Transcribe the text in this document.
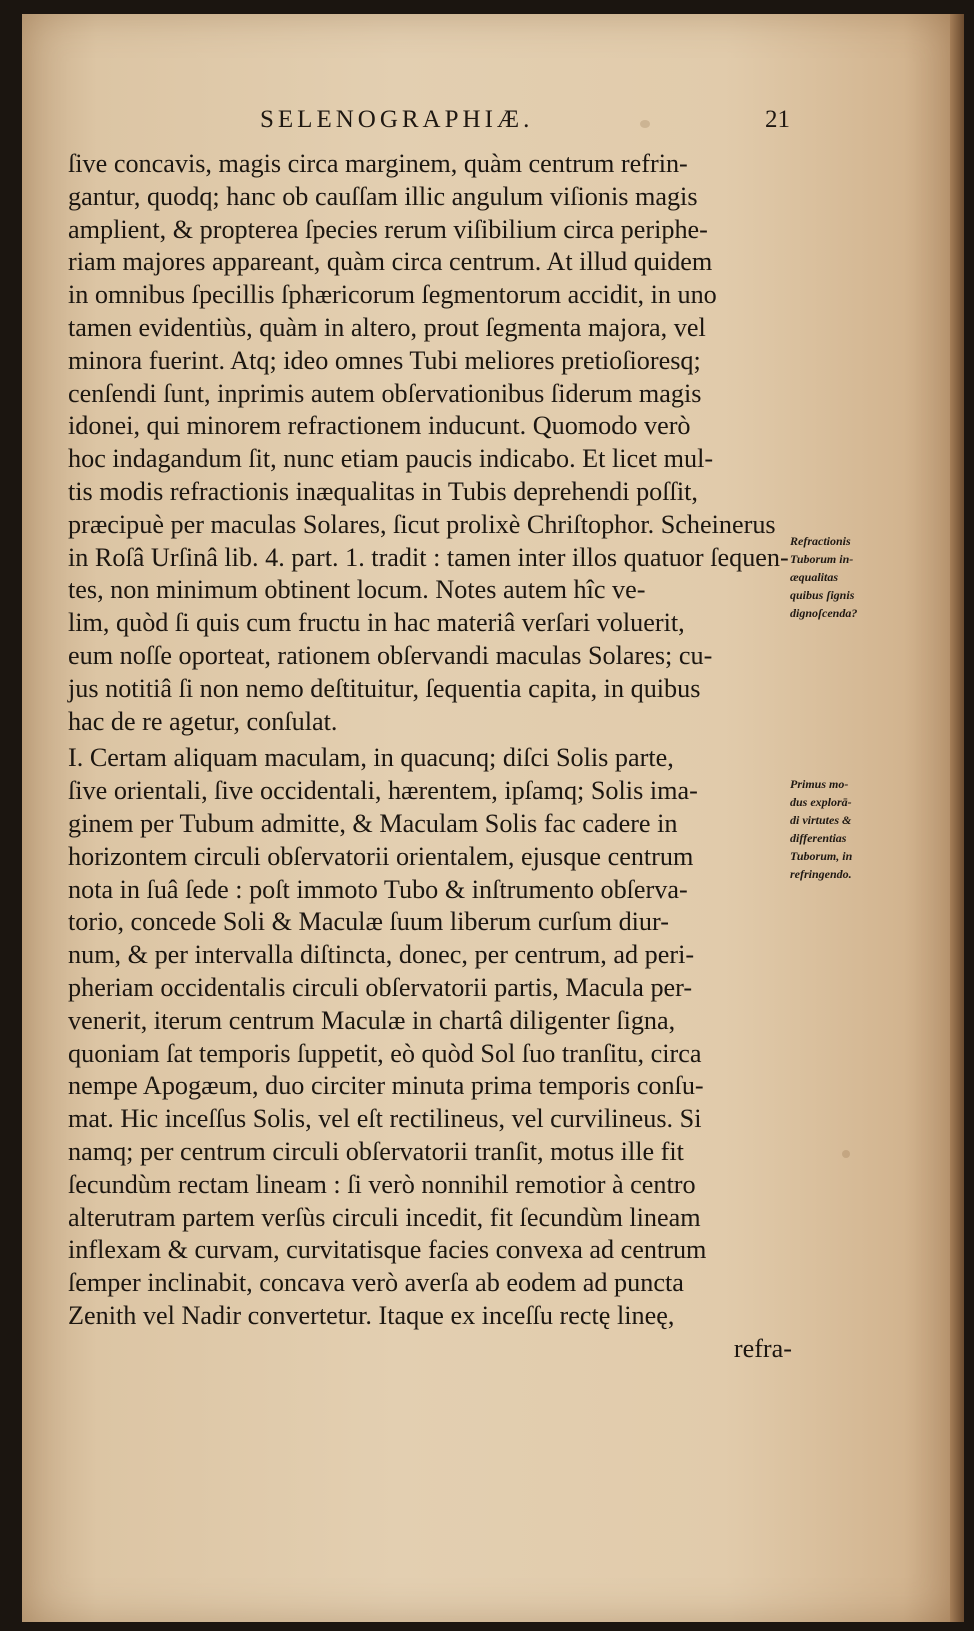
SELENOGRAPHIÆ.	21
ſive concavis, magis circa marginem, quàm centrum refrin-
gantur, quodq; hanc ob cauſſam illic angulum viſionis magis
amplient, & propterea ſpecies rerum viſibilium circa periphe-
riam majores appareant, quàm circa centrum. At illud quidem
in omnibus ſpecillis ſphæricorum ſegmentorum accidit, in uno
tamen evidentiùs, quàm in altero, prout ſegmenta majora, vel
minora fuerint. Atq; ideo omnes Tubi meliores pretioſioresq;
cenſendi ſunt, inprimis autem obſervationibus ſiderum magis
idonei, qui minorem refractionem inducunt. Quomodo verò
hoc indagandum ſit, nunc etiam paucis indicabo. Et licet mul-
tis modis refractionis inæqualitas in Tubis deprehendi poſſit,
præcipuè per maculas Solares, ſicut prolixè Chriſtophor. Scheinerus
in Roſâ Urſinâ lib. 4. part. 1. tradit : tamen inter illos quatuor ſequen-
tes, non minimum obtinent locum. Notes autem hîc ve-
lim, quòd ſi quis cum fructu in hac materiâ verſari voluerit,
eum noſſe oporteat, rationem obſervandi maculas Solares; cu-
jus notitiâ ſi non nemo deſtituitur, ſequentia capita, in quibus
hac de re agetur, conſulat.
I. Certam aliquam maculam, in quacunq; diſci Solis parte,
ſive orientali, ſive occidentali, hærentem, ipſamq; Solis ima-
ginem per Tubum admitte, & Maculam Solis fac cadere in
horizontem circuli obſervatorii orientalem, ejusque centrum
nota in ſuâ ſede : poſt immoto Tubo & inſtrumento obſerva-
torio, concede Soli & Maculæ ſuum liberum curſum diur-
num, & per intervalla diſtincta, donec, per centrum, ad peri-
pheriam occidentalis circuli obſervatorii partis, Macula per-
venerit, iterum centrum Maculæ in chartâ diligenter ſigna,
quoniam ſat temporis ſuppetit, eò quòd Sol ſuo tranſitu, circa
nempe Apogæum, duo circiter minuta prima temporis conſu-
mat. Hic inceſſus Solis, vel eſt rectilineus, vel curvilineus. Si
namq; per centrum circuli obſervatorii tranſit, motus ille fit
ſecundùm rectam lineam : ſi verò nonnihil remotior à centro
alterutram partem verſùs circuli incedit, fit ſecundùm lineam
inflexam & curvam, curvitatisque facies convexa ad centrum
ſemper inclinabit, concava verò averſa ab eodem ad puncta
Zenith vel Nadir convertetur. Itaque ex inceſſu rectę lineę,
refra-
Refractionis
Tuborum in-
æqualitas
quibus ſignis
dignoſcenda?
Primus mo-
dus explorā-
di virtutes &
differentias
Tuborum, in
refringendo.
